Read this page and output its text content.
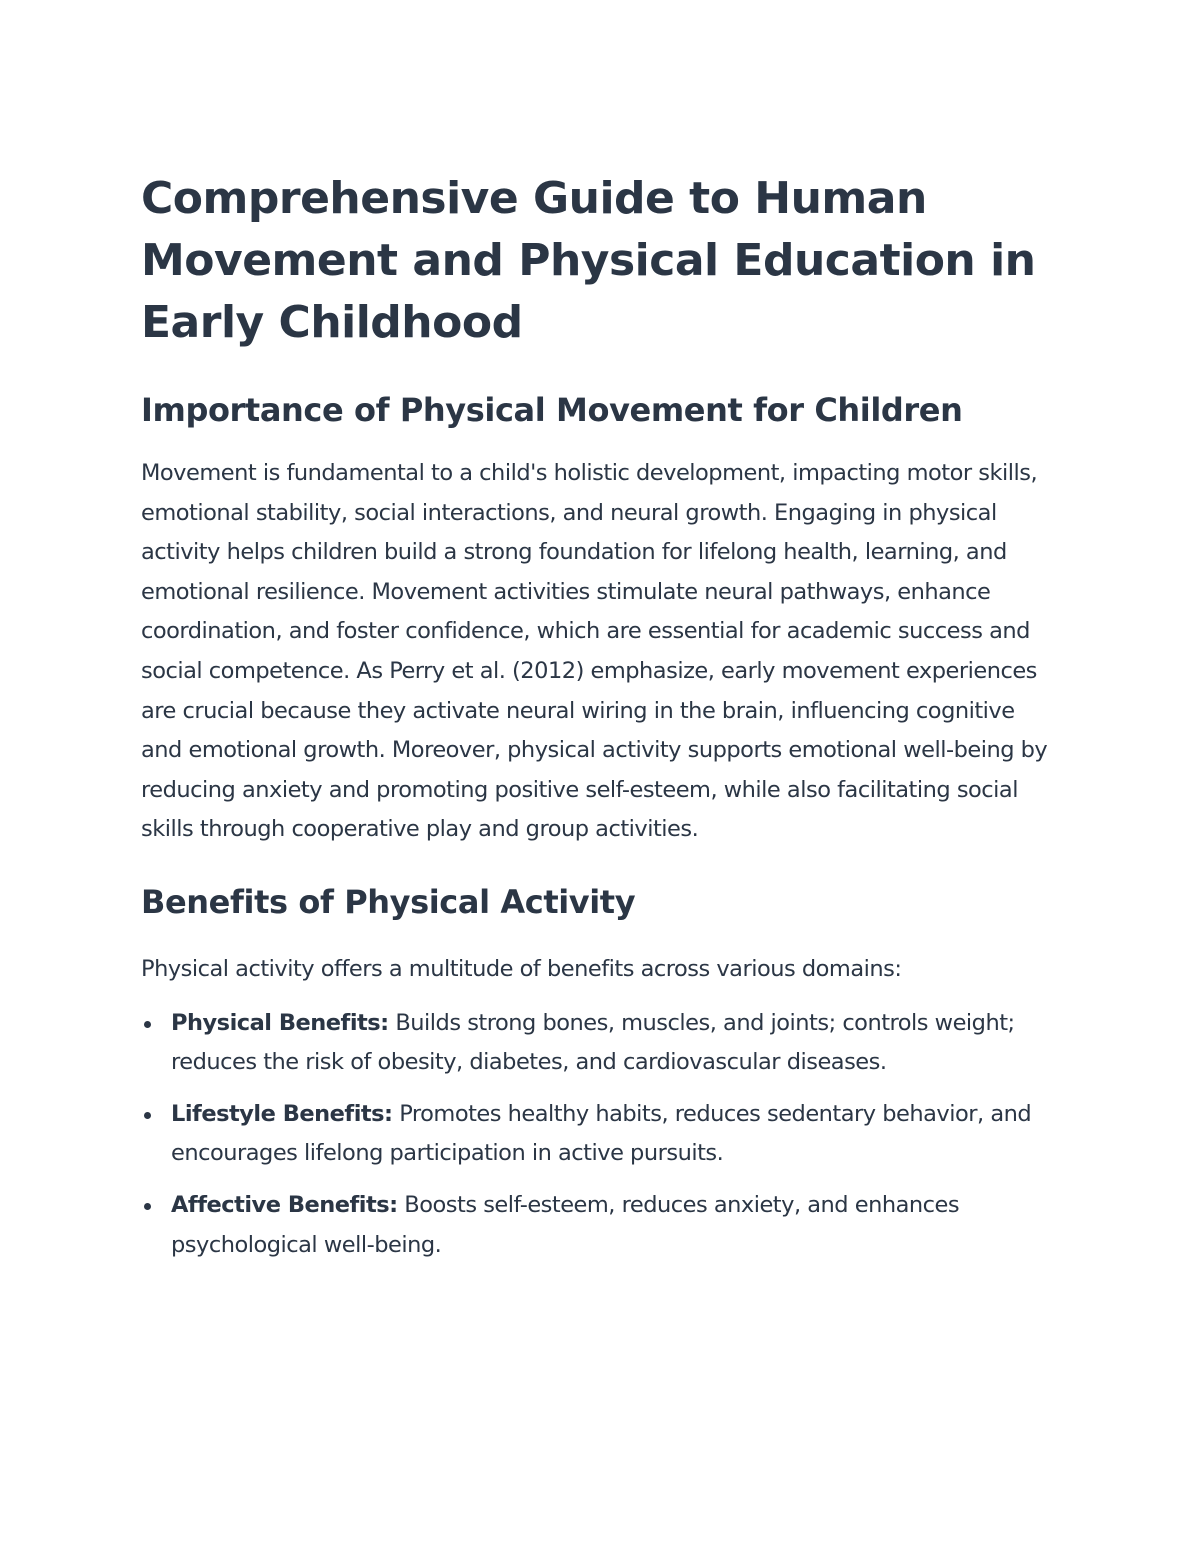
Comprehensive Guide to Human Movement and Physical Education in Early Childhood
Importance of Physical Movement for Children

Movement is fundamental to a child's holistic development, impacting motor skills, emotional stability, social interactions, and neural growth. Engaging in physical activity helps children build a strong foundation for lifelong health, learning, and emotional resilience. Movement activities stimulate neural pathways, enhance coordination, and foster confidence, which are essential for academic success and social competence. As Perry et al. (2012) emphasize, early movement experiences are crucial because they activate neural wiring in the brain, influencing cognitive and emotional growth. Moreover, physical activity supports emotional well-being by reducing anxiety and promoting positive self-esteem, while also facilitating social skills through cooperative play and group activities.

Benefits of Physical Activity

Physical activity offers a multitude of benefits across various domains:

Physical Benefits: Builds strong bones, muscles, and joints; controls weight; reduces the risk of obesity, diabetes, and cardiovascular diseases.
Lifestyle Benefits: Promotes healthy habits, reduces sedentary behavior, and encourages lifelong participation in active pursuits.
Affective Benefits: Boosts self-esteem, reduces anxiety, and enhances psychological well-being.
